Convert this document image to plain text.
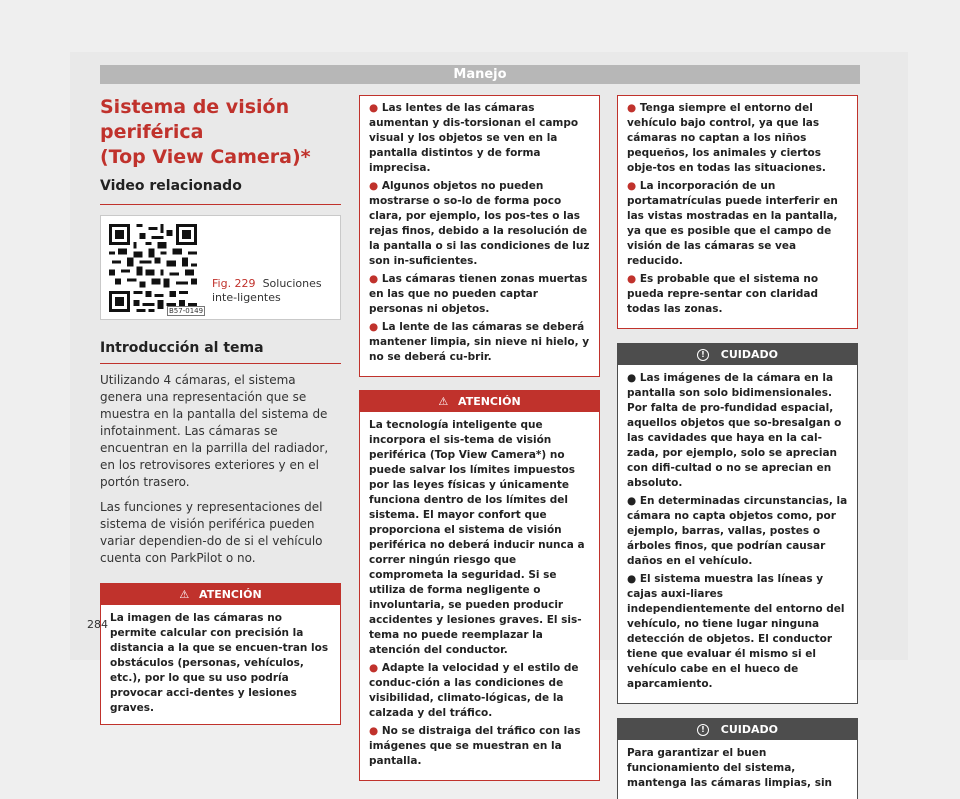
Manejo
Sistema de visión periférica
(Top View Camera)*
Video relacionado
B57-0149
Fig. 229 Soluciones inte-ligentes
Introducción al tema

Utilizando 4 cámaras, el sistema genera una representación que se muestra en la pantalla del sistema de infotainment. Las cámaras se encuentran en la parrilla del radiador, en los retrovisores exteriores y en el portón trasero.

Las funciones y representaciones del sistema de visión periférica pueden variar dependien-do de si el vehículo cuenta con ParkPilot o no.

⚠ ATENCIÓN
La imagen de las cámaras no permite calcular con precisión la distancia a la que se encuen-tran los obstáculos (personas, vehículos, etc.), por lo que su uso podría provocar acci-dentes y lesiones graves.
● Las lentes de las cámaras aumentan y dis-torsionan el campo visual y los objetos se ven en la pantalla distintos y de forma imprecisa.
● Algunos objetos no pueden mostrarse o so-lo de forma poco clara, por ejemplo, los pos-tes o las rejas finos, debido a la resolución de la pantalla o si las condiciones de luz son in-suficientes.
● Las cámaras tienen zonas muertas en las que no pueden captar personas ni objetos.
● La lente de las cámaras se deberá mantener limpia, sin nieve ni hielo, y no se deberá cu-brir.
⚠ ATENCIÓN
La tecnología inteligente que incorpora el sis-tema de visión periférica (Top View Camera*) no puede salvar los límites impuestos por las leyes físicas y únicamente funciona dentro de los límites del sistema. El mayor confort que proporciona el sistema de visión periférica no deberá inducir nunca a correr ningún riesgo que comprometa la seguridad. Si se utiliza de forma negligente o involuntaria, se pueden producir accidentes y lesiones graves. El sis-tema no puede reemplazar la atención del conductor.
● Adapte la velocidad y el estilo de conduc-ción a las condiciones de visibilidad, climato-lógicas, de la calzada y del tráfico.
● No se distraiga del tráfico con las imágenes que se muestran en la pantalla.
● Tenga siempre el entorno del vehículo bajo control, ya que las cámaras no captan a los niños pequeños, los animales y ciertos obje-tos en todas las situaciones.
● La incorporación de un portamatrículas puede interferir en las vistas mostradas en la pantalla, ya que es posible que el campo de visión de las cámaras se vea reducido.
● Es probable que el sistema no pueda repre-sentar con claridad todas las zonas.
! CUIDADO
● Las imágenes de la cámara en la pantalla son solo bidimensionales. Por falta de pro-fundidad espacial, aquellos objetos que so-bresalgan o las cavidades que haya en la cal-zada, por ejemplo, solo se aprecian con difi-cultad o no se aprecian en absoluto.
● En determinadas circunstancias, la cámara no capta objetos como, por ejemplo, barras, vallas, postes o árboles finos, que podrían causar daños en el vehículo.
● El sistema muestra las líneas y cajas auxi-liares independientemente del entorno del vehículo, no tiene lugar ninguna detección de objetos. El conductor tiene que evaluar él mismo si el vehículo cabe en el hueco de aparcamiento.
! CUIDADO
Para garantizar el buen funcionamiento del sistema, mantenga las cámaras limpias, sin
284
